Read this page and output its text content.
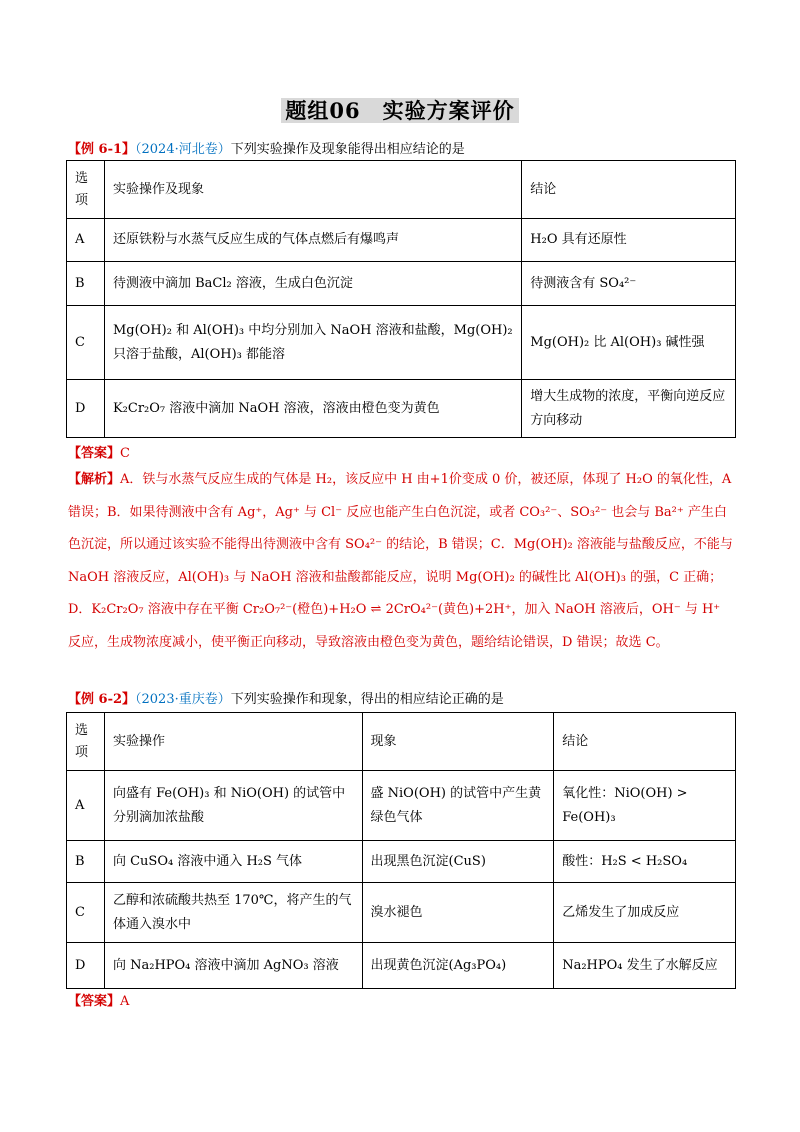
题组06　实验方案评价
【例 6-1】（2024·河北卷）下列实验操作及现象能得出相应结论的是
选项	实验操作及现象	结论
A	还原铁粉与水蒸气反应生成的气体点燃后有爆鸣声	H₂O 具有还原性
B	待测液中滴加 BaCl₂ 溶液，生成白色沉淀	待测液含有 SO₄²⁻
C	Mg(OH)₂ 和 Al(OH)₃ 中均分别加入 NaOH 溶液和盐酸，Mg(OH)₂ 只溶于盐酸，Al(OH)₃ 都能溶	Mg(OH)₂ 比 Al(OH)₃ 碱性强
D	K₂Cr₂O₇ 溶液中滴加 NaOH 溶液，溶液由橙色变为黄色	增大生成物的浓度，平衡向逆反应方向移动
【答案】C
【解析】A．铁与水蒸气反应生成的气体是 H₂，该反应中 H 由+1价变成 0 价，被还原，体现了 H₂O 的氧化性，A 错误；B．如果待测液中含有 Ag⁺，Ag⁺ 与 Cl⁻ 反应也能产生白色沉淀，或者 CO₃²⁻、SO₃²⁻ 也会与 Ba²⁺ 产生白色沉淀，所以通过该实验不能得出待测液中含有 SO₄²⁻ 的结论，B 错误；C．Mg(OH)₂ 溶液能与盐酸反应，不能与 NaOH 溶液反应，Al(OH)₃ 与 NaOH 溶液和盐酸都能反应，说明 Mg(OH)₂ 的碱性比 Al(OH)₃ 的强，C 正确；D．K₂Cr₂O₇ 溶液中存在平衡 Cr₂O₇²⁻(橙色)+H₂O ⇌ 2CrO₄²⁻(黄色)+2H⁺，加入 NaOH 溶液后，OH⁻ 与 H⁺ 反应，生成物浓度减小，使平衡正向移动，导致溶液由橙色变为黄色，题给结论错误，D 错误；故选 C。
【例 6-2】（2023·重庆卷）下列实验操作和现象，得出的相应结论正确的是
选项	实验操作	现象	结论
A	向盛有 Fe(OH)₃ 和 NiO(OH) 的试管中分别滴加浓盐酸	盛 NiO(OH) 的试管中产生黄绿色气体	氧化性：NiO(OH) > Fe(OH)₃
B	向 CuSO₄ 溶液中通入 H₂S 气体	出现黑色沉淀(CuS)	酸性：H₂S < H₂SO₄
C	乙醇和浓硫酸共热至 170℃，将产生的气体通入溴水中	溴水褪色	乙烯发生了加成反应
D	向 Na₂HPO₄ 溶液中滴加 AgNO₃ 溶液	出现黄色沉淀(Ag₃PO₄)	Na₂HPO₄ 发生了水解反应
【答案】A
